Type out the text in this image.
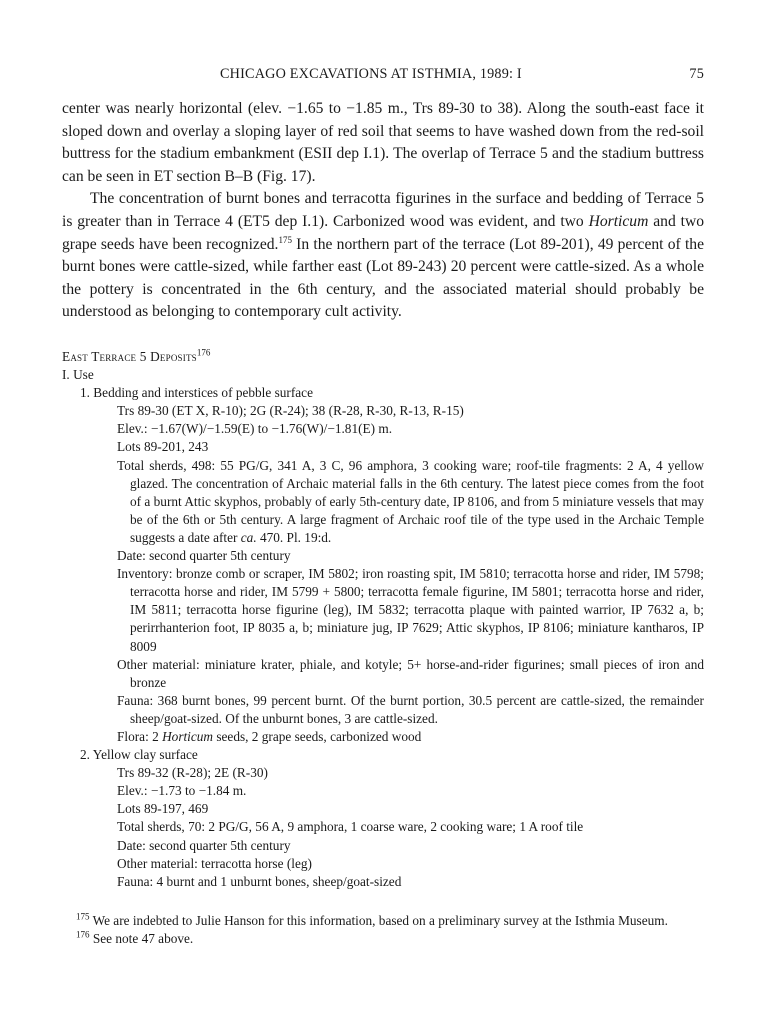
CHICAGO EXCAVATIONS AT ISTHMIA, 1989: I	75

center was nearly horizontal (elev. −1.65 to −1.85 m., Trs 89-30 to 38). Along the south-east face it sloped down and overlay a sloping layer of red soil that seems to have washed down from the red-soil buttress for the stadium embankment (ESII dep I.1). The overlap of Terrace 5 and the stadium buttress can be seen in ET section B–B (Fig. 17).

The concentration of burnt bones and terracotta figurines in the surface and bedding of Terrace 5 is greater than in Terrace 4 (ET5 dep I.1). Carbonized wood was evident, and two Horticum and two grape seeds have been recognized.$^{175}$ In the northern part of the terrace (Lot 89-201), 49 percent of the burnt bones were cattle-sized, while farther east (Lot 89-243) 20 percent were cattle-sized. As a whole the pottery is concentrated in the 6th century, and the associated material should probably be understood as belonging to contemporary cult activity.

East Terrace 5 Deposits$^{176}$
I. Use
1. Bedding and interstices of pebble surface
Trs 89-30 (ET X, R-10); 2G (R-24); 38 (R-28, R-30, R-13, R-15)
Elev.: −1.67(W)/−1.59(E) to −1.76(W)/−1.81(E) m.
Lots 89-201, 243
Total sherds, 498: 55 PG/G, 341 A, 3 C, 96 amphora, 3 cooking ware; roof-tile fragments: 2 A, 4 yellow glazed. The concentration of Archaic material falls in the 6th century. The latest piece comes from the foot of a burnt Attic skyphos, probably of early 5th-century date, IP 8106, and from 5 miniature vessels that may be of the 6th or 5th century. A large fragment of Archaic roof tile of the type used in the Archaic Temple suggests a date after ca. 470. Pl. 19:d.
Date: second quarter 5th century
Inventory: bronze comb or scraper, IM 5802; iron roasting spit, IM 5810; terracotta horse and rider, IM 5798; terracotta horse and rider, IM 5799 + 5800; terracotta female figurine, IM 5801; terracotta horse and rider, IM 5811; terracotta horse figurine (leg), IM 5832; terracotta plaque with painted warrior, IP 7632 a, b; perirrhanterion foot, IP 8035 a, b; miniature jug, IP 7629; Attic skyphos, IP 8106; miniature kantharos, IP 8009
Other material: miniature krater, phiale, and kotyle; 5+ horse-and-rider figurines; small pieces of iron and bronze
Fauna: 368 burnt bones, 99 percent burnt. Of the burnt portion, 30.5 percent are cattle-sized, the remainder sheep/goat-sized. Of the unburnt bones, 3 are cattle-sized.
Flora: 2 Horticum seeds, 2 grape seeds, carbonized wood
2. Yellow clay surface
Trs 89-32 (R-28); 2E (R-30)
Elev.: −1.73 to −1.84 m.
Lots 89-197, 469
Total sherds, 70: 2 PG/G, 56 A, 9 amphora, 1 coarse ware, 2 cooking ware; 1 A roof tile
Date: second quarter 5th century
Other material: terracotta horse (leg)
Fauna: 4 burnt and 1 unburnt bones, sheep/goat-sized
$^{175}$ We are indebted to Julie Hanson for this information, based on a preliminary survey at the Isthmia Museum.
$^{176}$ See note 47 above.
